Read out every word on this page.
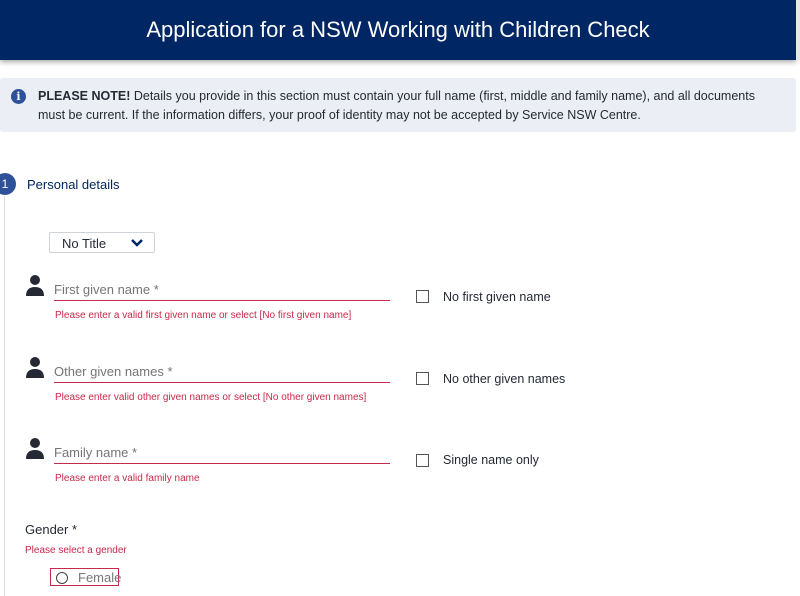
Application for a NSW Working with Children Check
PLEASE NOTE! Details you provide in this section must contain your full name (first, middle and family name), and all documents must be current. If the information differs, your proof of identity may not be accepted by Service NSW Centre.
i
1	Personal details
No Title
First given name *
Please enter a valid first given name or select [No first given name]
No first given name
Other given names *
Please enter valid other given names or select [No other given names]
No other given names
Family name *
Please enter a valid family name
Single name only
Gender *
Please select a gender
Female
